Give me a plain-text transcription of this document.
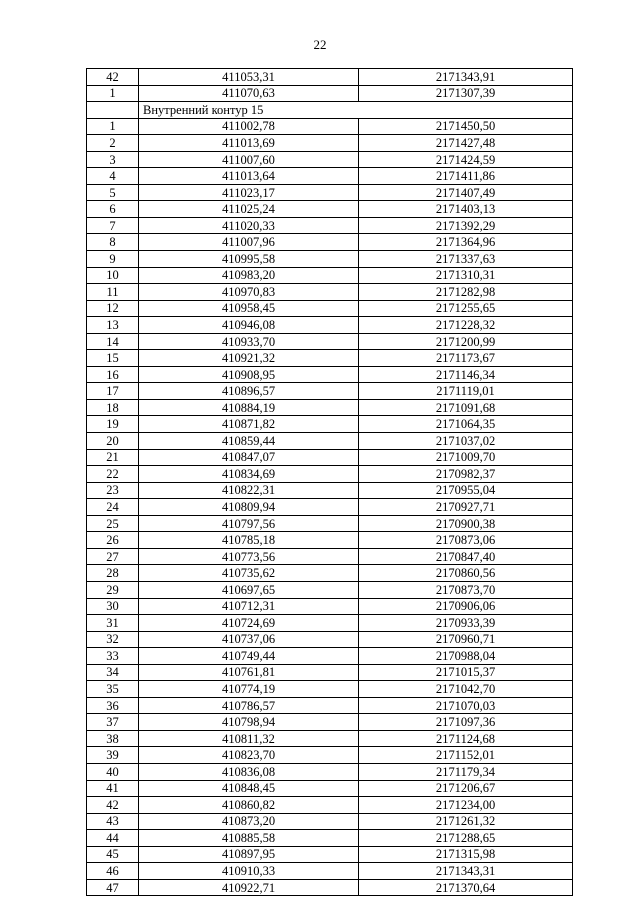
22
42	411053,31	2171343,91
1	411070,63	2171307,39
	Внутренний контур 15	
1	411002,78	2171450,50
2	411013,69	2171427,48
3	411007,60	2171424,59
4	411013,64	2171411,86
5	411023,17	2171407,49
6	411025,24	2171403,13
7	411020,33	2171392,29
8	411007,96	2171364,96
9	410995,58	2171337,63
10	410983,20	2171310,31
11	410970,83	2171282,98
12	410958,45	2171255,65
13	410946,08	2171228,32
14	410933,70	2171200,99
15	410921,32	2171173,67
16	410908,95	2171146,34
17	410896,57	2171119,01
18	410884,19	2171091,68
19	410871,82	2171064,35
20	410859,44	2171037,02
21	410847,07	2171009,70
22	410834,69	2170982,37
23	410822,31	2170955,04
24	410809,94	2170927,71
25	410797,56	2170900,38
26	410785,18	2170873,06
27	410773,56	2170847,40
28	410735,62	2170860,56
29	410697,65	2170873,70
30	410712,31	2170906,06
31	410724,69	2170933,39
32	410737,06	2170960,71
33	410749,44	2170988,04
34	410761,81	2171015,37
35	410774,19	2171042,70
36	410786,57	2171070,03
37	410798,94	2171097,36
38	410811,32	2171124,68
39	410823,70	2171152,01
40	410836,08	2171179,34
41	410848,45	2171206,67
42	410860,82	2171234,00
43	410873,20	2171261,32
44	410885,58	2171288,65
45	410897,95	2171315,98
46	410910,33	2171343,31
47	410922,71	2171370,64
